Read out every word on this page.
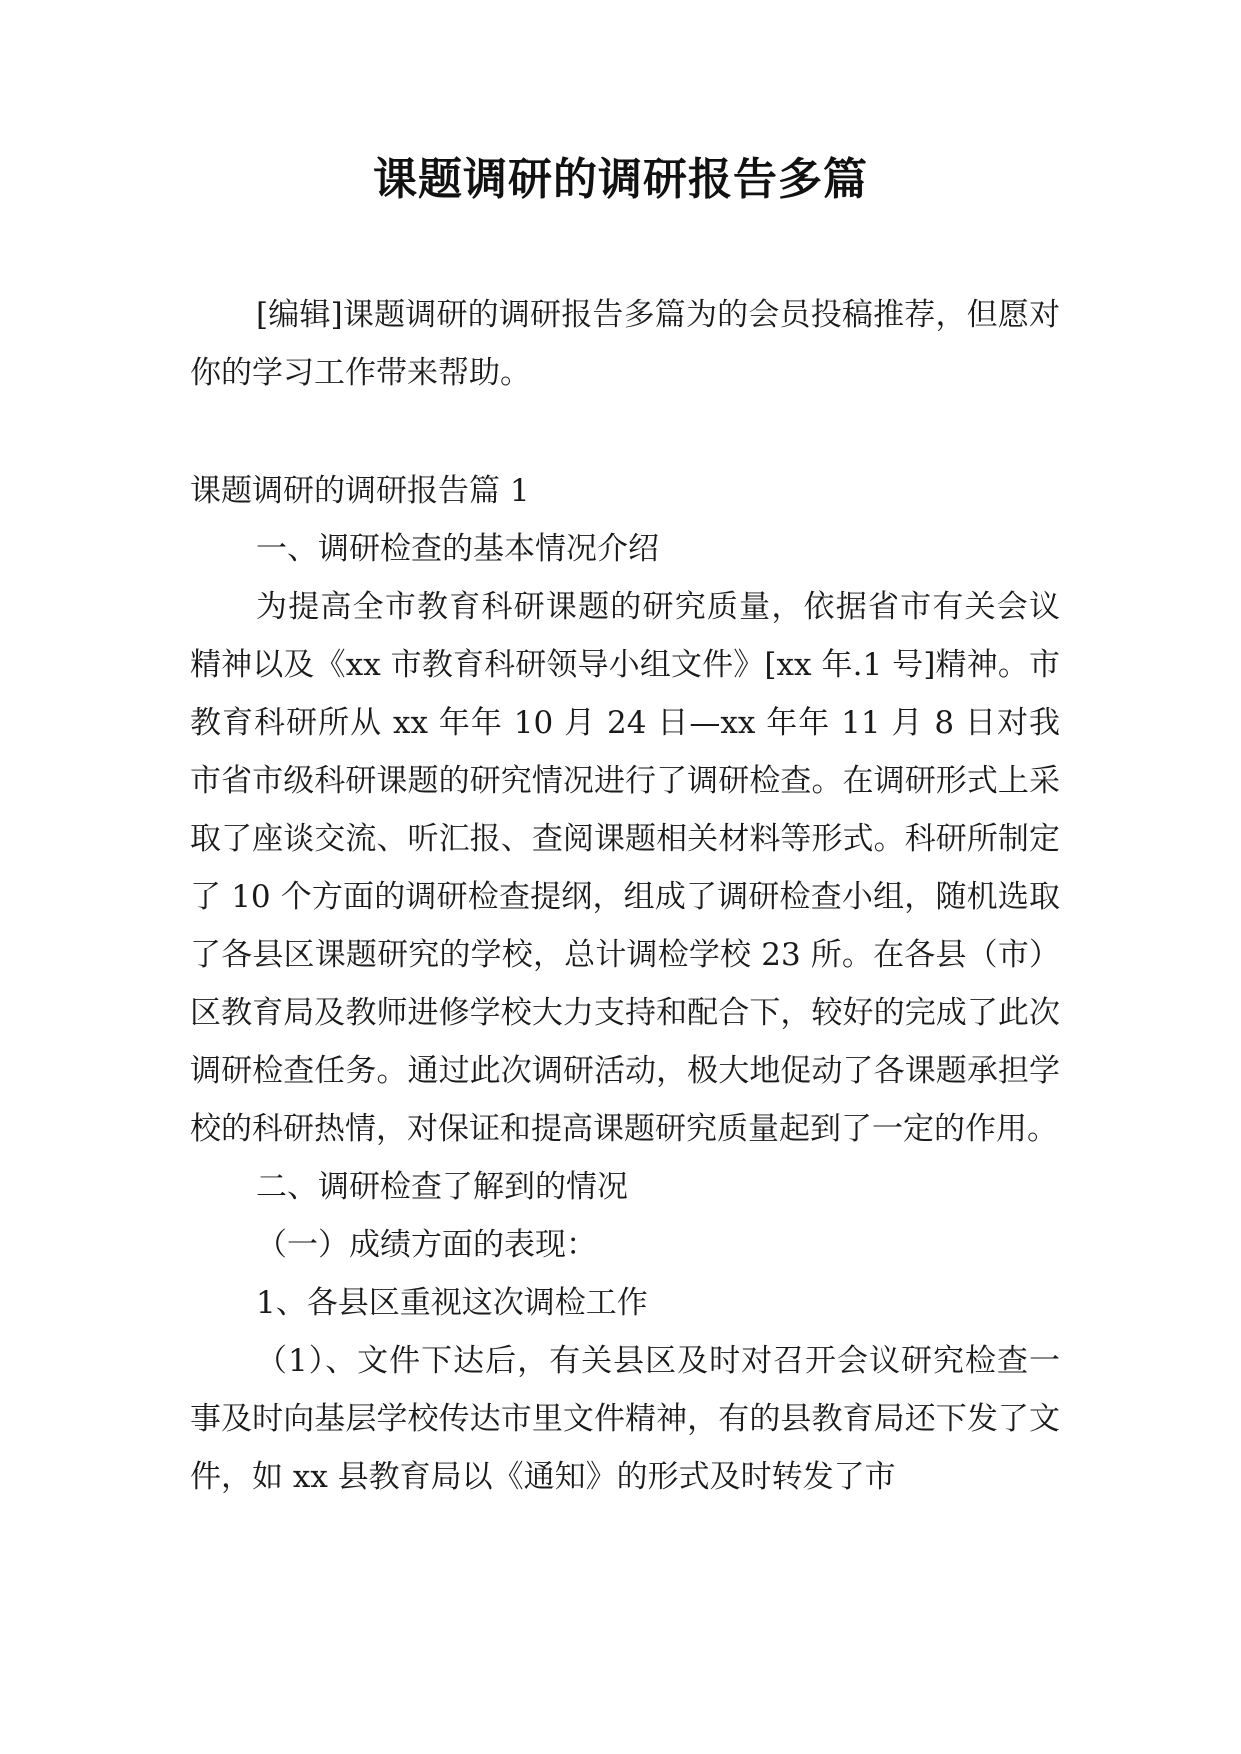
课题调研的调研报告多篇

[编辑]课题调研的调研报告多篇为的会员投稿推荐，但愿对你的学习工作带来帮助。

课题调研的调研报告篇 1

一、调研检查的基本情况介绍

为提高全市教育科研课题的研究质量，依据省市有关会议精神以及《xx 市教育科研领导小组文件》[xx 年.1 号]精神。市教育科研所从 xx 年年 10 月 24 日—xx 年年 11 月 8 日对我市省市级科研课题的研究情况进行了调研检查。在调研形式上采取了座谈交流、听汇报、查阅课题相关材料等形式。科研所制定了 10 个方面的调研检查提纲，组成了调研检查小组，随机选取了各县区课题研究的学校，总计调检学校 23 所。在各县（市）区教育局及教师进修学校大力支持和配合下，较好的完成了此次调研检查任务。通过此次调研活动，极大地促动了各课题承担学校的科研热情，对保证和提高课题研究质量起到了一定的作用。

二、调研检查了解到的情况

（一）成绩方面的表现：

1、各县区重视这次调检工作

（1）、文件下达后，有关县区及时对召开会议研究检查一事及时向基层学校传达市里文件精神，有的县教育局还下发了文件，如 xx 县教育局以《通知》的形式及时转发了市
